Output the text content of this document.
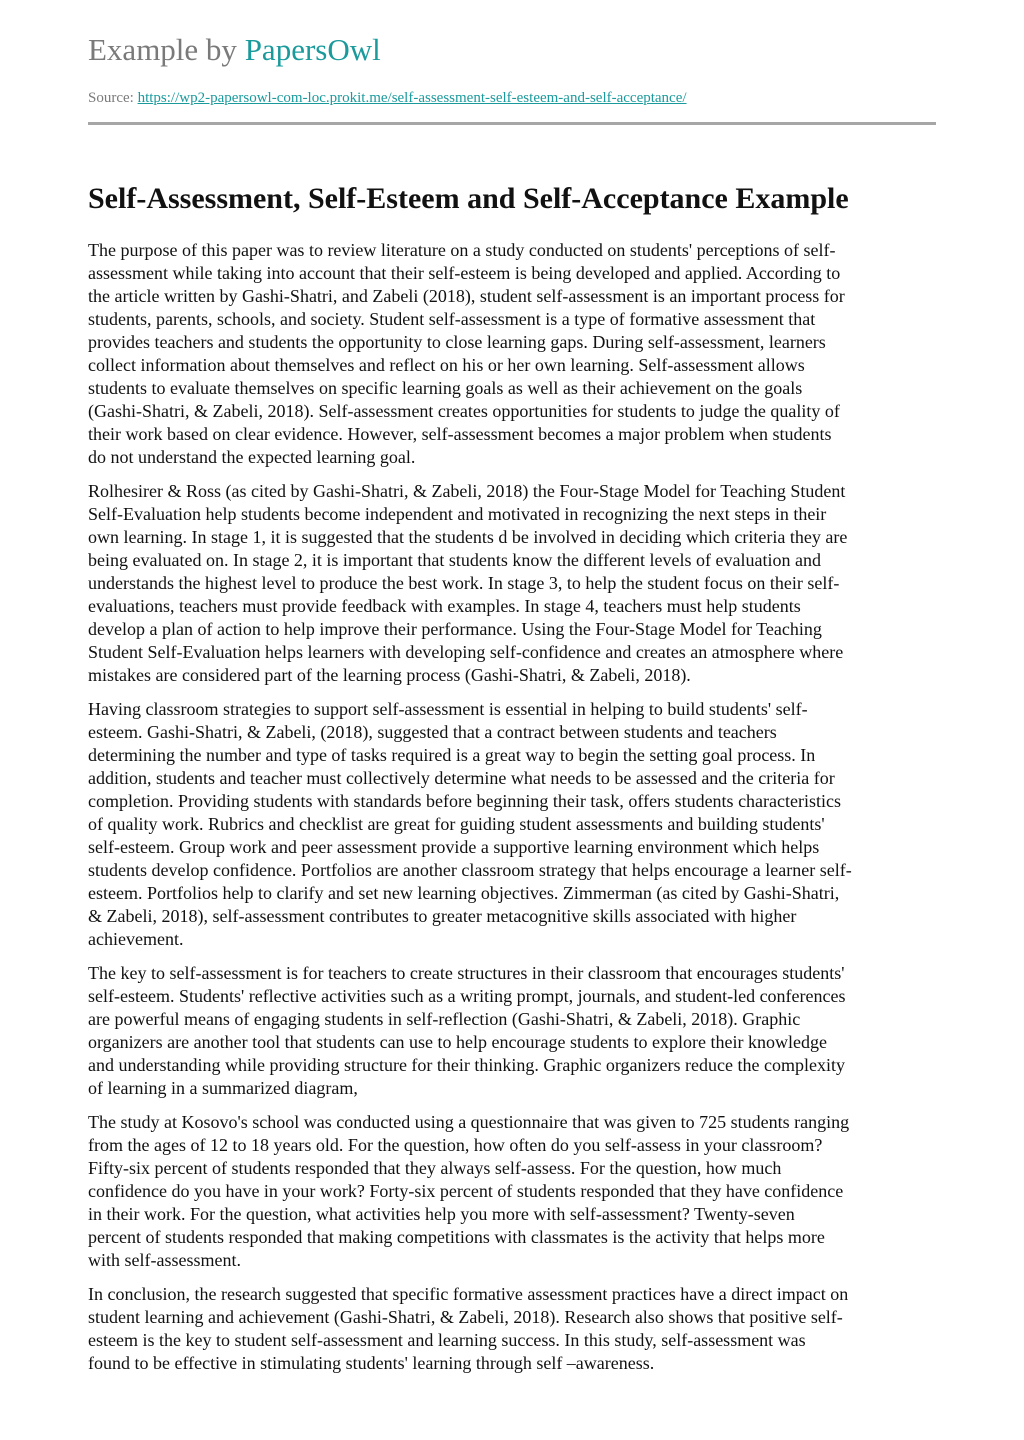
Example by PapersOwl
Source: https://wp2-papersowl-com-loc.prokit.me/self-assessment-self-esteem-and-self-acceptance/
Self-Assessment, Self-Esteem and Self-Acceptance Example

The purpose of this paper was to review literature on a study conducted on students' perceptions of self-
assessment while taking into account that their self-esteem is being developed and applied. According to
the article written by Gashi-Shatri, and Zabeli (2018), student self-assessment is an important process for
students, parents, schools, and society. Student self-assessment is a type of formative assessment that
provides teachers and students the opportunity to close learning gaps. During self-assessment, learners
collect information about themselves and reflect on his or her own learning. Self-assessment allows
students to evaluate themselves on specific learning goals as well as their achievement on the goals
(Gashi-Shatri, & Zabeli, 2018). Self-assessment creates opportunities for students to judge the quality of
their work based on clear evidence. However, self-assessment becomes a major problem when students
do not understand the expected learning goal.

Rolhesirer & Ross (as cited by Gashi-Shatri, & Zabeli, 2018) the Four-Stage Model for Teaching Student
Self-Evaluation help students become independent and motivated in recognizing the next steps in their
own learning. In stage 1, it is suggested that the students d be involved in deciding which criteria they are
being evaluated on. In stage 2, it is important that students know the different levels of evaluation and
understands the highest level to produce the best work. In stage 3, to help the student focus on their self-
evaluations, teachers must provide feedback with examples. In stage 4, teachers must help students
develop a plan of action to help improve their performance. Using the Four-Stage Model for Teaching
Student Self-Evaluation helps learners with developing self-confidence and creates an atmosphere where
mistakes are considered part of the learning process (Gashi-Shatri, & Zabeli, 2018).

Having classroom strategies to support self-assessment is essential in helping to build students' self-
esteem. Gashi-Shatri, & Zabeli, (2018), suggested that a contract between students and teachers
determining the number and type of tasks required is a great way to begin the setting goal process. In
addition, students and teacher must collectively determine what needs to be assessed and the criteria for
completion. Providing students with standards before beginning their task, offers students characteristics
of quality work. Rubrics and checklist are great for guiding student assessments and building students'
self-esteem. Group work and peer assessment provide a supportive learning environment which helps
students develop confidence. Portfolios are another classroom strategy that helps encourage a learner self-
esteem. Portfolios help to clarify and set new learning objectives. Zimmerman (as cited by Gashi-Shatri,
& Zabeli, 2018), self-assessment contributes to greater metacognitive skills associated with higher
achievement.

The key to self-assessment is for teachers to create structures in their classroom that encourages students'
self-esteem. Students' reflective activities such as a writing prompt, journals, and student-led conferences
are powerful means of engaging students in self-reflection (Gashi-Shatri, & Zabeli, 2018). Graphic
organizers are another tool that students can use to help encourage students to explore their knowledge
and understanding while providing structure for their thinking. Graphic organizers reduce the complexity
of learning in a summarized diagram,

The study at Kosovo's school was conducted using a questionnaire that was given to 725 students ranging
from the ages of 12 to 18 years old. For the question, how often do you self-assess in your classroom?
Fifty-six percent of students responded that they always self-assess. For the question, how much
confidence do you have in your work? Forty-six percent of students responded that they have confidence
in their work. For the question, what activities help you more with self-assessment? Twenty-seven
percent of students responded that making competitions with classmates is the activity that helps more
with self-assessment.

In conclusion, the research suggested that specific formative assessment practices have a direct impact on
student learning and achievement (Gashi-Shatri, & Zabeli, 2018). Research also shows that positive self-
esteem is the key to student self-assessment and learning success. In this study, self-assessment was
found to be effective in stimulating students' learning through self –awareness.
